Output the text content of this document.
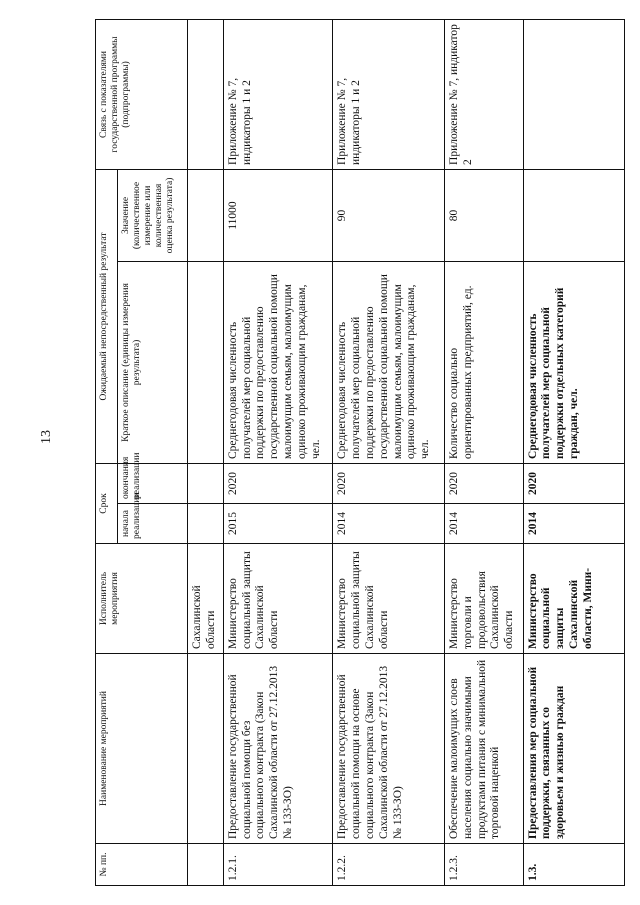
13
№ пп.	Наименование мероприятий	Исполнитель мероприятия	Срок		Ожидаемый непосредственный результат		Связь с показателями государственной программы (подпрограммы)
			начала реализации	окончания реализации	Краткое описание (единицы измерения результата)	Значение (количественное измерение или количественная оценка результата)	
		Сахалинской области					
1.2.1.	Предоставление государственной социальной помощи без социального контракта (Закон Сахалинской области от 27.12.2013 № 133-ЗО)	Министерство социальной защиты Сахалинской области	2015	2020	Среднегодовая численность получателей мер социальной поддержки по предоставлению государственной социальной помощи малоимущим семьям, малоимущим одиноко проживающим гражданам, чел.	11000	Приложение № 7, индикаторы 1 и 2
1.2.2.	Предоставление государственной социальной помощи на основе социального контракта (Закон Сахалинской области от 27.12.2013 № 133-ЗО)	Министерство социальной защиты Сахалинской области	2014	2020	Среднегодовая численность получателей мер социальной поддержки по предоставлению государственной социальной помощи малоимущим семьям, малоимущим одиноко проживающим гражданам, чел.	90	Приложение № 7, индикаторы 1 и 2
1.2.3.	Обеспечение малоимущих слоев населения социально значимыми продуктами питания с минимальной торговой наценкой	Министерство торговли и продовольствия Сахалинской области	2014	2020	Количество социально ориентированных предприятий, ед.	80	Приложение № 7, индикатор 2
1.3.	Предоставления мер социальной поддержки, связанных со здоровьем и жизнью граждан	Министерство социальной защиты Сахалинской области, Мини-	2014	2020	Среднегодовая численность получателей мер социальной поддержки отдельных категорий граждан, чел.		
